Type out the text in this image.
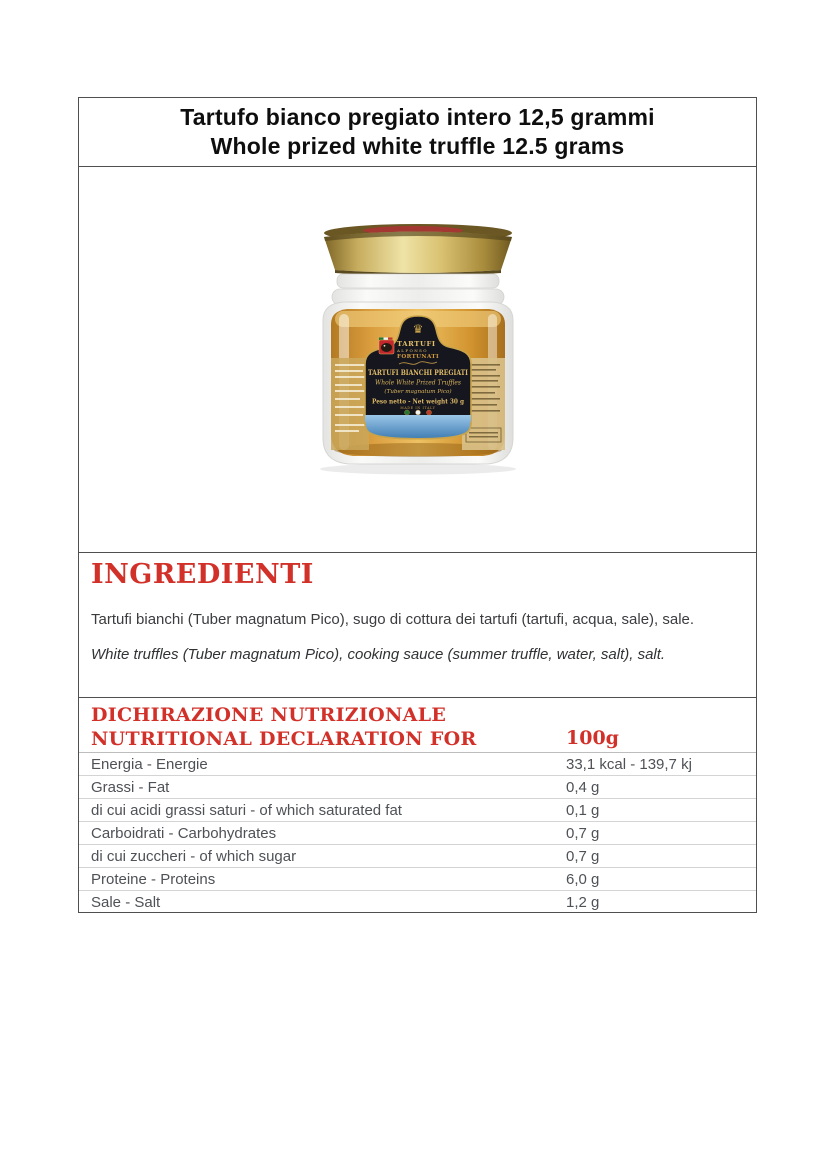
Tartufo bianco pregiato intero 12,5 grammi
Whole prized white truffle 12.5 grams
♛
TARTUFI
ALFONSO
FORTUNATI
TARTUFI BIANCHI PREGIATI
Whole White Prized Truffles
(Tuber magnatum Pico)
Peso netto - Net weight 30 g
MADE IN ITALY
INGREDIENTI
Tartufi bianchi (Tuber magnatum Pico), sugo di cottura dei tartufi (tartufi, acqua, sale), sale.
White truffles (Tuber magnatum Pico), cooking sauce (summer truffle, water, salt), salt.
DICHIRAZIONE NUTRIZIONALE
NUTRITIONAL DECLARATION FOR	100g
Energia - Energie	33,1 kcal - 139,7 kj
Grassi - Fat	0,4 g
di cui acidi grassi saturi - of which saturated fat	0,1 g
Carboidrati - Carbohydrates	0,7 g
di cui zuccheri - of which sugar	0,7 g
Proteine - Proteins	6,0 g
Sale - Salt	1,2 g
